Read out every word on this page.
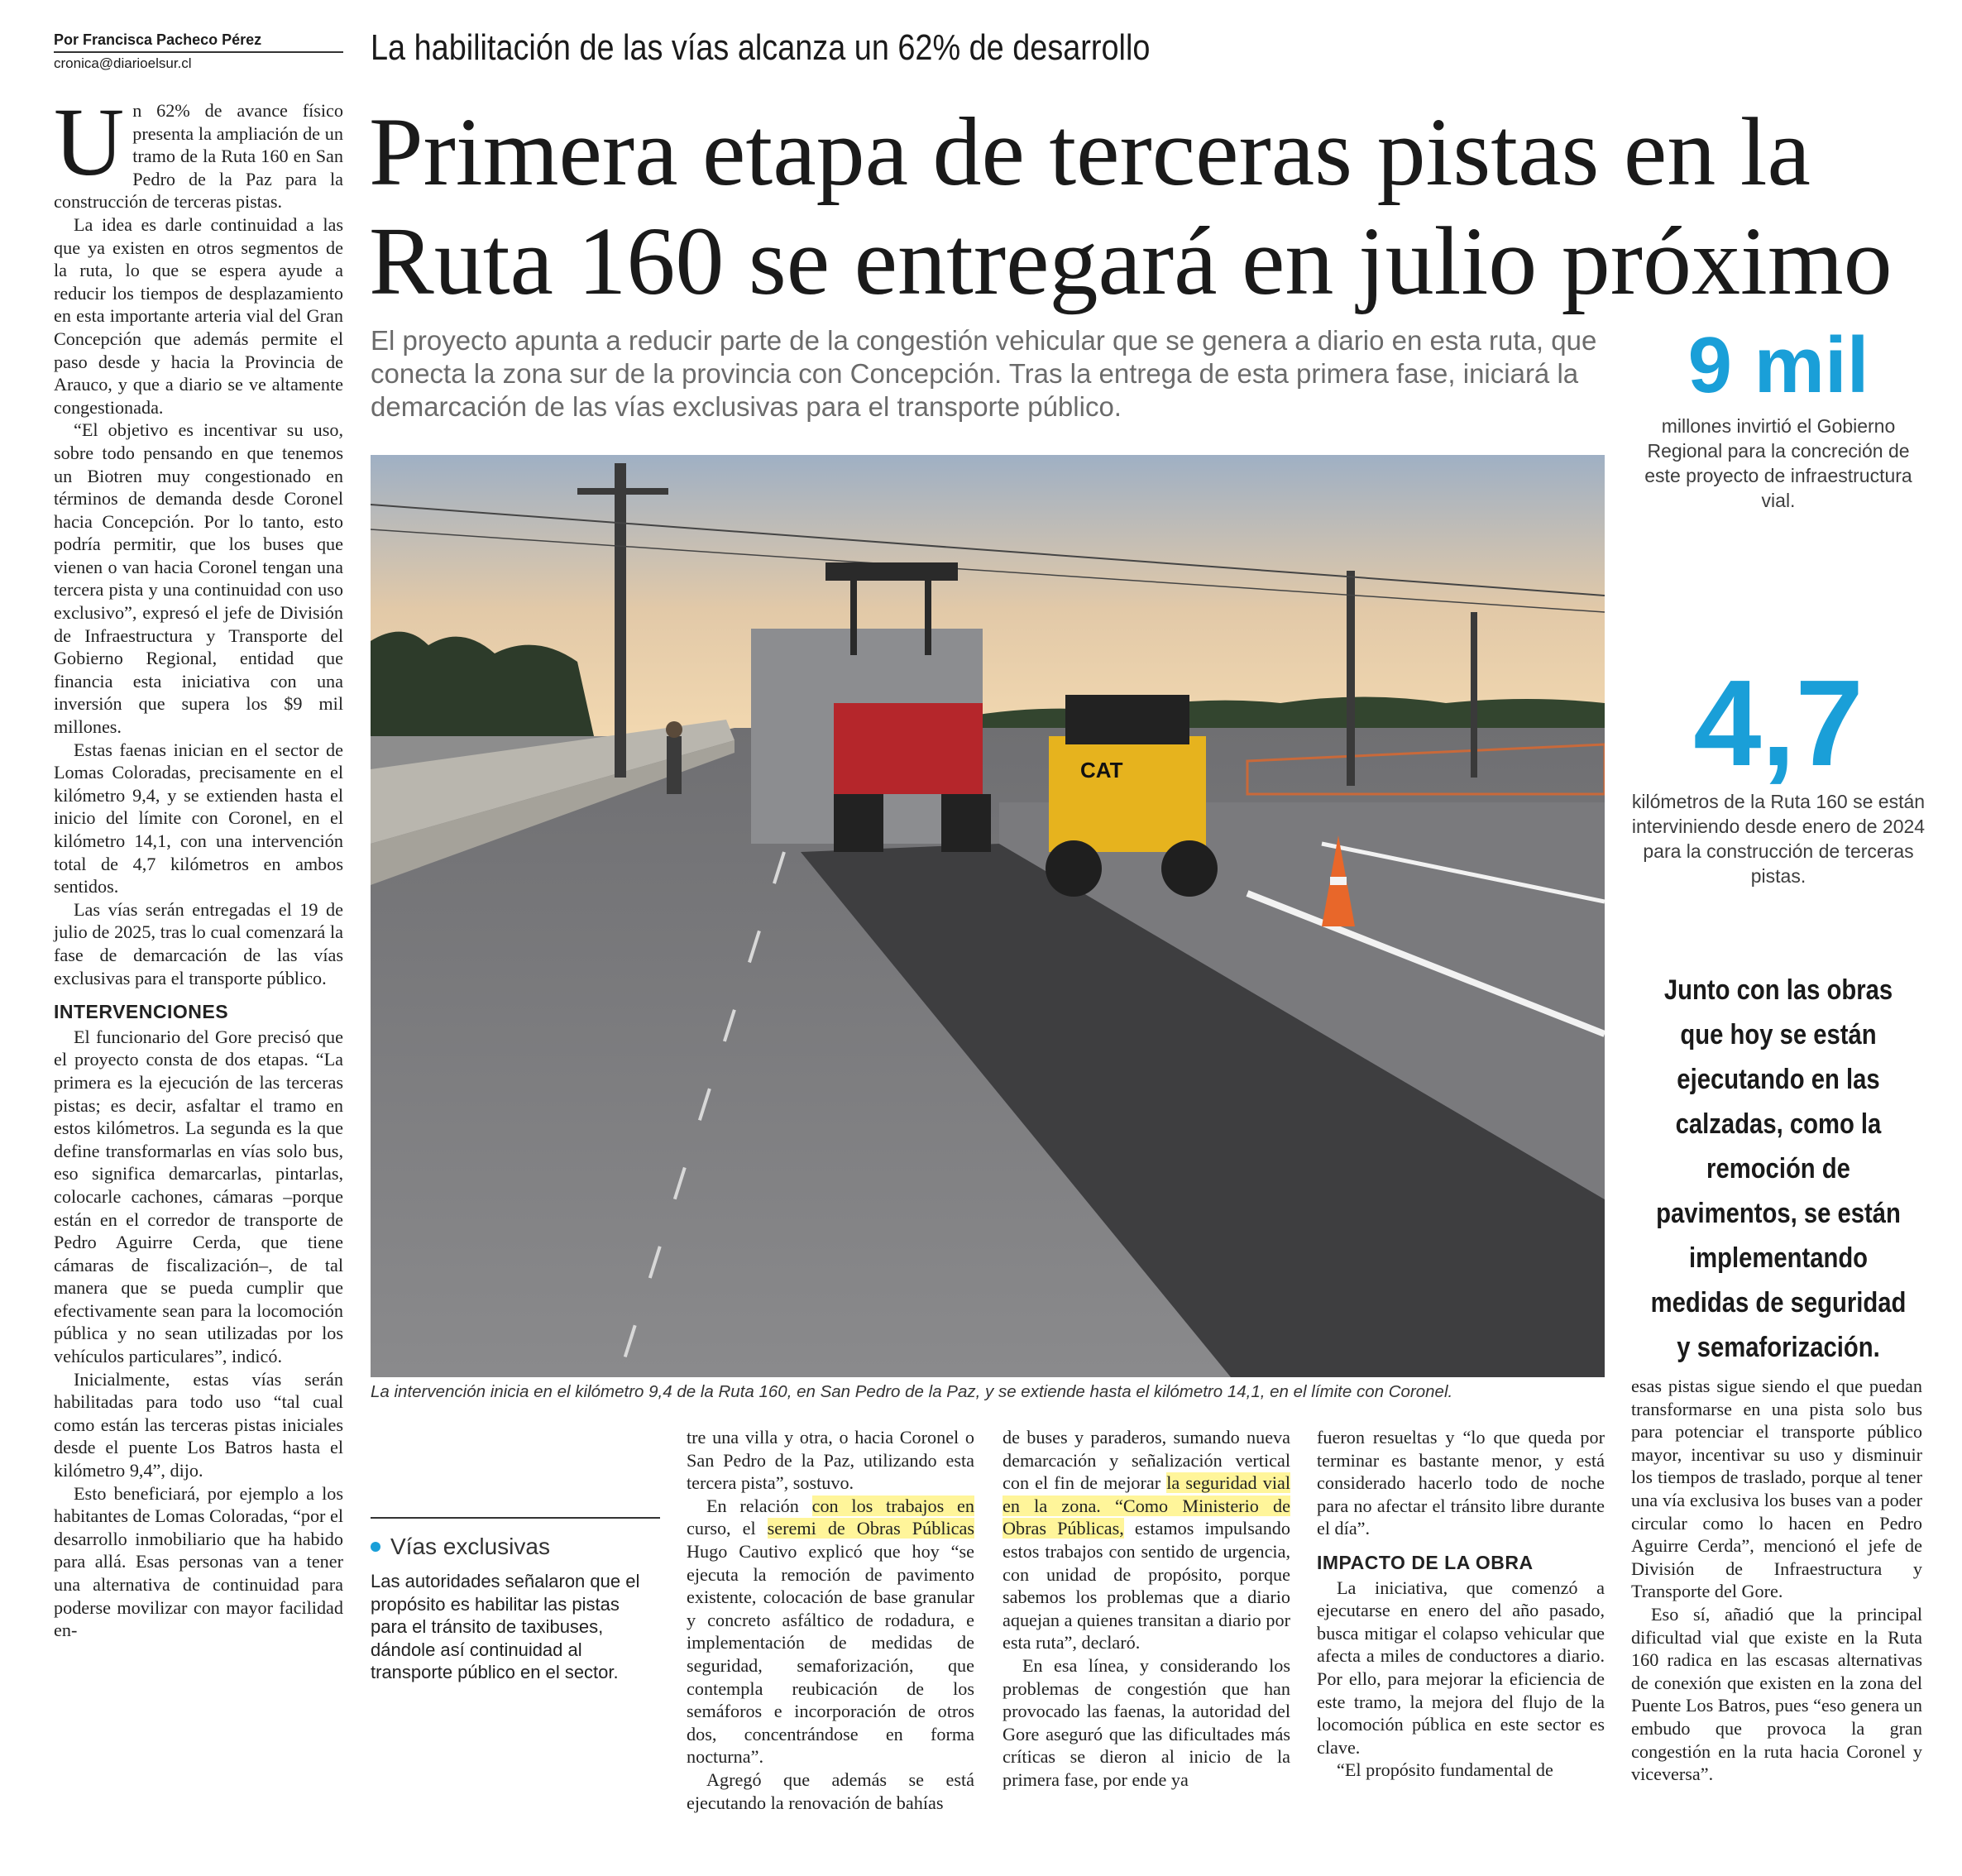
Por Francisca Pacheco Pérez
cronica@diarioelsur.cl	La habilitación de las vías alcanza un 62% de desarrollo
Primera etapa de terceras pistas en la Ruta 160 se entregará en julio próximo
El proyecto apunta a reducir parte de la congestión vehicular que se genera a diario en esta ruta, que conecta la zona sur de la provincia con Concepción. Tras la entrega de esta primera fase, iniciará la demarcación de las vías exclusivas para el transporte público.
U n 62% de avance físico presenta la ampliación de un tramo de la Ruta 160 en San Pedro de la Paz para la construcción de terceras pistas.

La idea es darle continuidad a las que ya existen en otros segmentos de la ruta, lo que se espera ayude a reducir los tiempos de desplazamiento en esta importante arteria vial del Gran Concepción que además permite el paso desde y hacia la Provincia de Arauco, y que a diario se ve altamente congestionada.

“El objetivo es incentivar su uso, sobre todo pensando en que tenemos un Biotren muy congestionado en términos de demanda desde Coronel hacia Concepción. Por lo tanto, esto podría permitir, que los buses que vienen o van hacia Coronel tengan una tercera pista y una continuidad con uso exclusivo”, expresó el jefe de División de Infraestructura y Transporte del Gobierno Regional, entidad que financia esta iniciativa con una inversión que supera los $9 mil millones.

Estas faenas inician en el sector de Lomas Coloradas, precisamente en el kilómetro 9,4, y se extienden hasta el inicio del límite con Coronel, en el kilómetro 14,1, con una intervención total de 4,7 kilómetros en ambos sentidos.

Las vías serán entregadas el 19 de julio de 2025, tras lo cual comenzará la fase de demarcación de las vías exclusivas para el transporte público.

INTERVENCIONES

El funcionario del Gore precisó que el proyecto consta de dos etapas. “La primera es la ejecución de las terceras pistas; es decir, asfaltar el tramo en estos kilómetros. La segunda es la que define transformarlas en vías solo bus, eso significa demarcarlas, pintarlas, colocarle cachones, cámaras –porque están en el corredor de transporte de Pedro Aguirre Cerda, que tiene cámaras de fiscalización–, de tal manera que se pueda cumplir que efectivamente sean para la locomoción pública y no sean utilizadas por los vehículos particulares”, indicó.

Inicialmente, estas vías serán habilitadas para todo uso “tal cual como están las terceras pistas iniciales desde el puente Los Batros hasta el kilómetro 9,4”, dijo.

Esto beneficiará, por ejemplo a los habitantes de Lomas Coloradas, “por el desarrollo inmobiliario que ha habido para allá. Esas personas van a tener una alternativa de continuidad para poderse movilizar con mayor facilidad en-

CAT
La intervención inicia en el kilómetro 9,4 de la Ruta 160, en San Pedro de la Paz, y se extiende hasta el kilómetro 14,1, en el límite con Coronel.
9 mil
millones invirtió el Gobierno Regional para la concreción de este proyecto de infraestructura vial.
4,7
kilómetros de la Ruta 160 se están interviniendo desde enero de 2024 para la construcción de terceras pistas.
Junto con las obras que hoy se están ejecutando en las calzadas, como la remoción de pavimentos, se están implementando medidas de seguridad y semaforización.
Vías exclusivas
Las autoridades señalaron que el propósito es habilitar las pistas para el tránsito de taxibuses, dándole así continuidad al transporte público en el sector.

tre una villa y otra, o hacia Coronel o San Pedro de la Paz, utilizando esta tercera pista”, sostuvo.

En relación con los trabajos en curso, el seremi de Obras Públicas Hugo Cautivo explicó que hoy “se ejecuta la remoción de pavimento existente, colocación de base granular y concreto asfáltico de rodadura, e implementación de medidas de seguridad, semaforización, que contempla reubicación de los semáforos e incorporación de otros dos, concentrándose en forma nocturna”.

Agregó que además se está ejecutando la renovación de bahías

de buses y paraderos, sumando nueva demarcación y señalización vertical con el fin de mejorar la seguridad vial en la zona. “Como Ministerio de Obras Públicas, estamos impulsando estos trabajos con sentido de urgencia, con unidad de propósito, porque sabemos los problemas que a diario aquejan a quienes transitan a diario por esta ruta”, declaró.

En esa línea, y considerando los problemas de congestión que han provocado las faenas, la autoridad del Gore aseguró que las dificultades más críticas se dieron al inicio de la primera fase, por ende ya

fueron resueltas y “lo que queda por terminar es bastante menor, y está considerado hacerlo todo de noche para no afectar el tránsito libre durante el día”.

IMPACTO DE LA OBRA

La iniciativa, que comenzó a ejecutarse en enero del año pasado, busca mitigar el colapso vehicular que afecta a miles de conductores a diario. Por ello, para mejorar la eficiencia de este tramo, la mejora del flujo de la locomoción pública en este sector es clave.

“El propósito fundamental de

esas pistas sigue siendo el que puedan transformarse en una pista solo bus para potenciar el transporte público mayor, incentivar su uso y disminuir los tiempos de traslado, porque al tener una vía exclusiva los buses van a poder circular como lo hacen en Pedro Aguirre Cerda”, mencionó el jefe de División de Infraestructura y Transporte del Gore.

Eso sí, añadió que la principal dificultad vial que existe en la Ruta 160 radica en las escasas alternativas de conexión que existen en la zona del Puente Los Batros, pues “eso genera un embudo que provoca la gran congestión en la ruta hacia Coronel y viceversa”.
